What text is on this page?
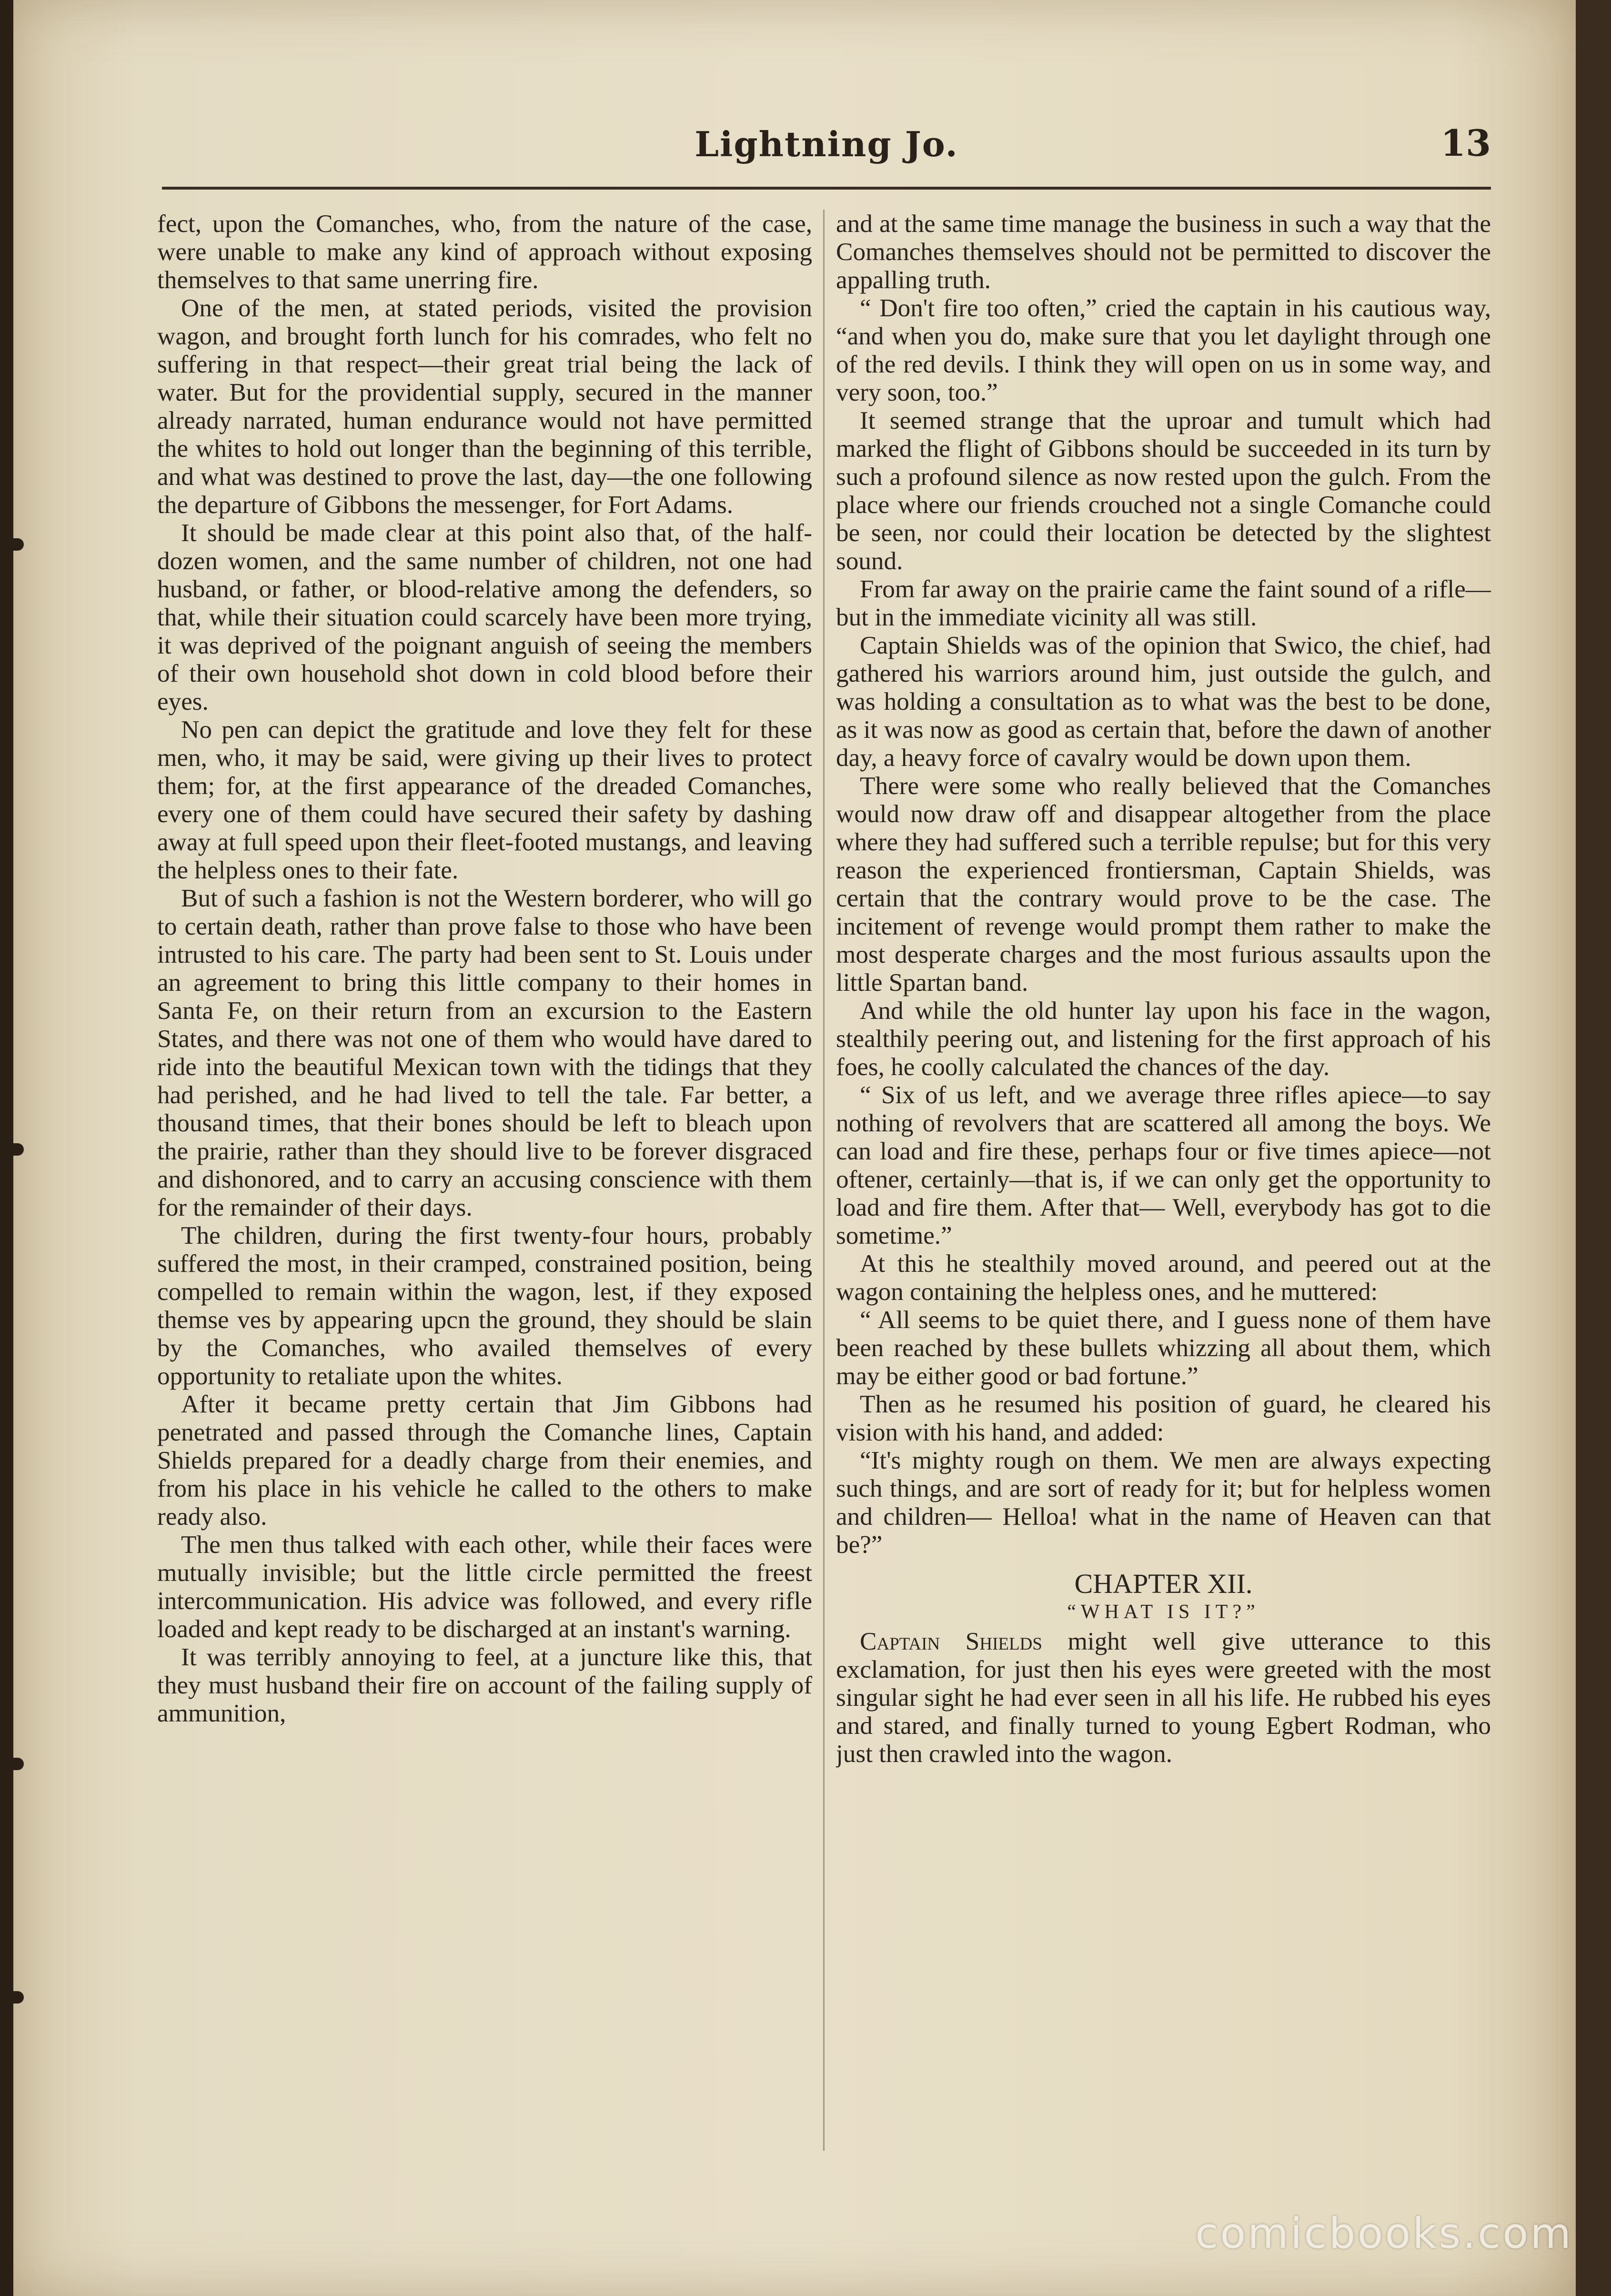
Lightning Jo.	13

fect, upon the Comanches, who, from the nature of the case, were unable to make any kind of approach without exposing themselves to that same unerring fire.

One of the men, at stated periods, visited the provision wagon, and brought forth lunch for his comrades, who felt no suffering in that respect—their great trial being the lack of water. But for the providential supply, secured in the manner already narrated, human endurance would not have permitted the whites to hold out longer than the beginning of this terrible, and what was destined to prove the last, day—the one following the departure of Gibbons the messenger, for Fort Adams.

It should be made clear at this point also that, of the half-dozen women, and the same number of children, not one had husband, or father, or blood-relative among the defenders, so that, while their situation could scarcely have been more trying, it was deprived of the poignant anguish of seeing the members of their own household shot down in cold blood before their eyes.

No pen can depict the gratitude and love they felt for these men, who, it may be said, were giving up their lives to protect them; for, at the first appearance of the dreaded Comanches, every one of them could have secured their safety by dashing away at full speed upon their fleet-footed mustangs, and leaving the helpless ones to their fate.

But of such a fashion is not the Western borderer, who will go to certain death, rather than prove false to those who have been intrusted to his care. The party had been sent to St. Louis under an agreement to bring this little company to their homes in Santa Fe, on their return from an excursion to the Eastern States, and there was not one of them who would have dared to ride into the beautiful Mexican town with the tidings that they had perished, and he had lived to tell the tale. Far better, a thousand times, that their bones should be left to bleach upon the prairie, rather than they should live to be forever disgraced and dishonored, and to carry an accusing conscience with them for the remainder of their days.

The children, during the first twenty-four hours, probably suffered the most, in their cramped, constrained position, being compelled to remain within the wagon, lest, if they exposed themse ves by appearing upcn the ground, they should be slain by the Comanches, who availed themselves of every opportunity to retaliate upon the whites.

After it became pretty certain that Jim Gibbons had penetrated and passed through the Comanche lines, Captain Shields prepared for a deadly charge from their enemies, and from his place in his vehicle he called to the others to make ready also.

The men thus talked with each other, while their faces were mutually invisible; but the little circle permitted the freest intercommunication. His advice was followed, and every rifle loaded and kept ready to be discharged at an instant's warning.

It was terribly annoying to feel, at a juncture like this, that they must husband their fire on account of the failing supply of ammunition,

and at the same time manage the business in such a way that the Comanches themselves should not be permitted to discover the appalling truth.

“ Don't fire too often,” cried the captain in his cautious way, “and when you do, make sure that you let daylight through one of the red devils. I think they will open on us in some way, and very soon, too.”

It seemed strange that the uproar and tumult which had marked the flight of Gibbons should be succeeded in its turn by such a profound silence as now rested upon the gulch. From the place where our friends crouched not a single Comanche could be seen, nor could their location be detected by the slightest sound.

From far away on the prairie came the faint sound of a rifle—but in the immediate vicinity all was still.

Captain Shields was of the opinion that Swico, the chief, had gathered his warriors around him, just outside the gulch, and was holding a consultation as to what was the best to be done, as it was now as good as certain that, before the dawn of another day, a heavy force of cavalry would be down upon them.

There were some who really believed that the Comanches would now draw off and disappear altogether from the place where they had suffered such a terrible repulse; but for this very reason the experienced frontiersman, Captain Shields, was certain that the contrary would prove to be the case. The incitement of revenge would prompt them rather to make the most desperate charges and the most furious assaults upon the little Spartan band.

And while the old hunter lay upon his face in the wagon, stealthily peering out, and listening for the first approach of his foes, he coolly calculated the chances of the day.

“ Six of us left, and we average three rifles apiece—to say nothing of revolvers that are scattered all among the boys. We can load and fire these, perhaps four or five times apiece—not oftener, certainly—that is, if we can only get the opportunity to load and fire them. After that— Well, everybody has got to die sometime.”

At this he stealthily moved around, and peered out at the wagon containing the helpless ones, and he muttered:

“ All seems to be quiet there, and I guess none of them have been reached by these bullets whizzing all about them, which may be either good or bad fortune.”

Then as he resumed his position of guard, he cleared his vision with his hand, and added:

“It's mighty rough on them. We men are always expecting such things, and are sort of ready for it; but for helpless women and children— Helloa! what in the name of Heaven can that be?”

CHAPTER XII.
“WHAT IS IT?”

Captain Shields might well give utterance to this exclamation, for just then his eyes were greeted with the most singular sight he had ever seen in all his life. He rubbed his eyes and stared, and finally turned to young Egbert Rodman, who just then crawled into the wagon.

comicbooks.com
